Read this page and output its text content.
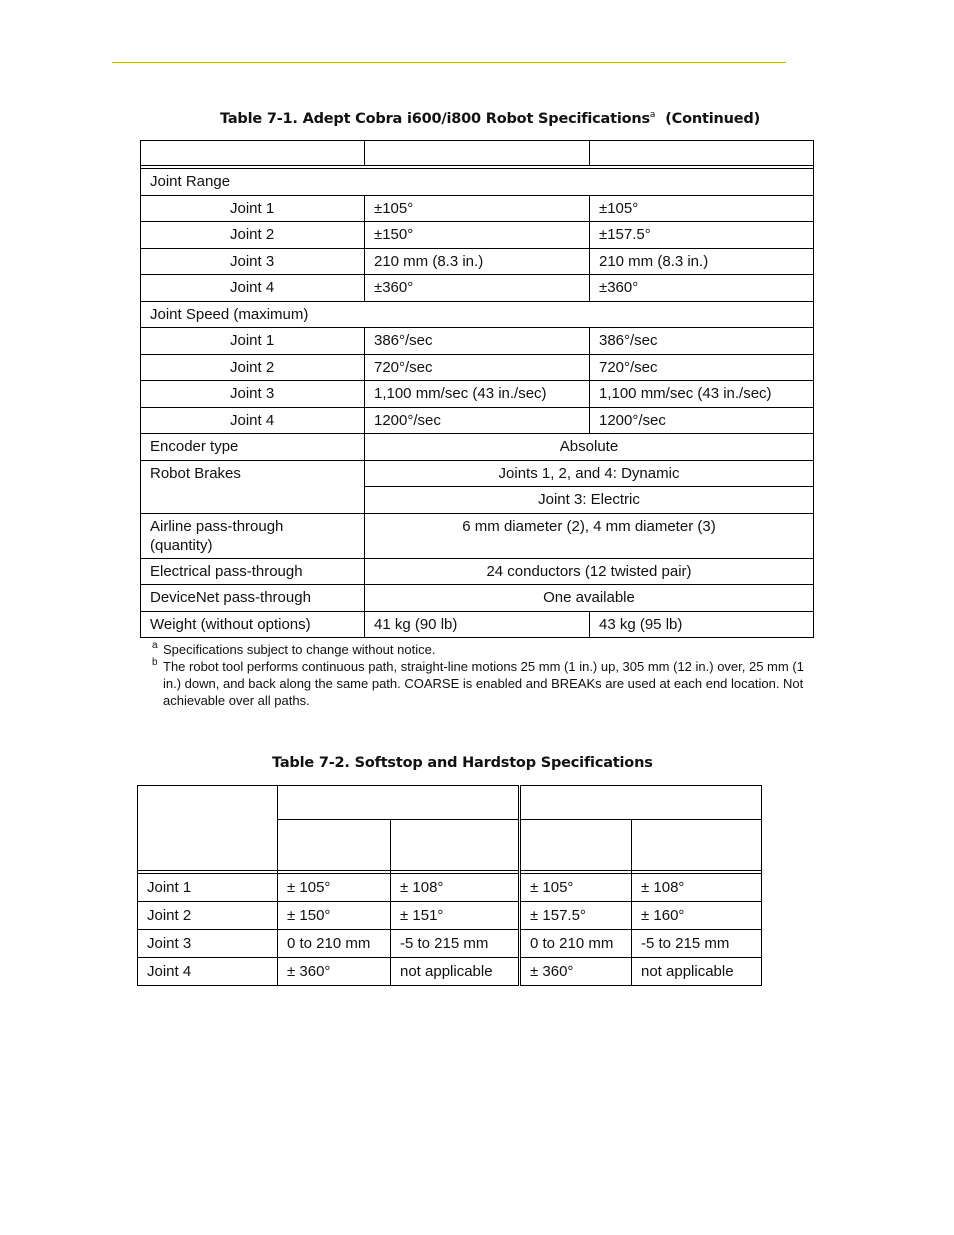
Table 7-1. Adept Cobra i600/i800 Robot Specifications$^a$ (Continued)

Joint Range		
Joint 1	±105°	±105°
Joint 2	±150°	±157.5°
Joint 3	210 mm (8.3 in.)	210 mm (8.3 in.)
Joint 4	±360°	±360°
Joint Speed (maximum)		
Joint 1	386°/sec	386°/sec
Joint 2	720°/sec	720°/sec
Joint 3	1,100 mm/sec (43 in./sec)	1,100 mm/sec (43 in./sec)
Joint 4	1200°/sec	1200°/sec
Encoder type	Absolute	
Robot Brakes	Joints 1, 2, and 4: Dynamic	
	Joint 3: Electric	
Airline pass-through
(quantity)	6 mm diameter (2), 4 mm diameter (3)	
Electrical pass-through	24 conductors (12 twisted pair)	
DeviceNet pass-through	One available	
Weight (without options)	41 kg (90 lb)	43 kg (95 lb)
a Specifications subject to change without notice.
b The robot tool performs continuous path, straight-line motions 25 mm (1 in.) up, 305 mm (12 in.) over, 25 mm (1 in.) down, and back along the same path. COARSE is enabled and BREAKs are used at each end location. Not achievable over all paths.
Table 7-2. Softstop and Hardstop Specifications

Joint 1	± 105°	± 108°	± 105°	± 108°
Joint 2	± 150°	± 151°	± 157.5°	± 160°
Joint 3	0 to 210 mm	-5 to 215 mm	0 to 210 mm	-5 to 215 mm
Joint 4	± 360°	not applicable	± 360°	not applicable
